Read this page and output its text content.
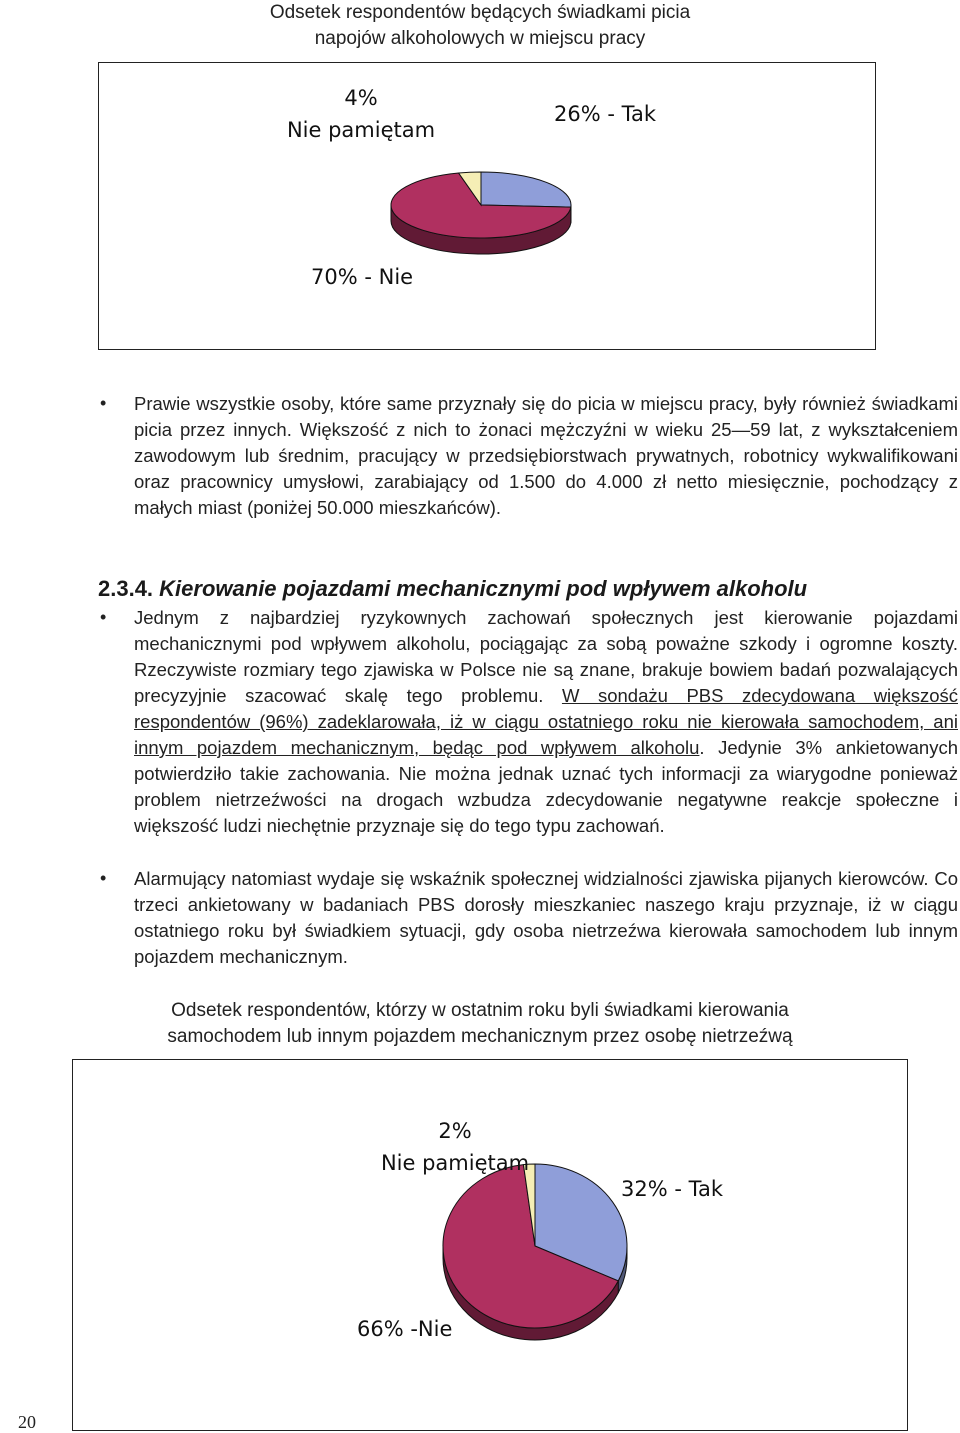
Odsetek respondentów będących świadkami picia
napojów alkoholowych w miejscu pracy
4%
Nie pamiętam
26% - Tak
70% - Nie
• Prawie wszystkie osoby, które same przyznały się do picia w miejscu pracy, były również świadkami picia przez innych. Większość z nich to żonaci mężczyźni w wieku 25—59 lat, z wykształceniem zawodowym lub średnim, pracujący w przedsiębiorstwach prywatnych, robotnicy wykwalifikowani oraz pracownicy umysłowi, zarabiający od 1.500 do 4.000 zł netto miesięcznie, pochodzący z małych miast (poniżej 50.000 mieszkańców).
2.3.4. Kierowanie pojazdami mechanicznymi pod wpływem alkoholu
• Jednym z najbardziej ryzykownych zachowań społecznych jest kierowanie pojazdami mechanicznymi pod wpływem alkoholu, pociągając za sobą poważne szkody i ogromne koszty. Rzeczywiste rozmiary tego zjawiska w Polsce nie są znane, brakuje bowiem badań pozwalających precyzyjnie szacować skalę tego problemu. W sondażu PBS zdecydowana większość respondentów (96%) zadeklarowała, iż w ciągu ostatniego roku nie kierowała samochodem, ani innym pojazdem mechanicznym, będąc pod wpływem alkoholu. Jedynie 3% ankietowanych potwierdziło takie zachowania. Nie można jednak uznać tych informacji za wiarygodne ponieważ problem nietrzeźwości na drogach wzbudza zdecydowanie negatywne reakcje społeczne i większość ludzi niechętnie przyznaje się do tego typu zachowań.
• Alarmujący natomiast wydaje się wskaźnik społecznej widzialności zjawiska pijanych kierowców. Co trzeci ankietowany w badaniach PBS dorosły mieszkaniec naszego kraju przyznaje, iż w ciągu ostatniego roku był świadkiem sytuacji, gdy osoba nietrzeźwa kierowała samochodem lub innym pojazdem mechanicznym.
Odsetek respondentów, którzy w ostatnim roku byli świadkami kierowania
samochodem lub innym pojazdem mechanicznym przez osobę nietrzeźwą
2%
Nie pamiętam
32% - Tak
66% -Nie
20
